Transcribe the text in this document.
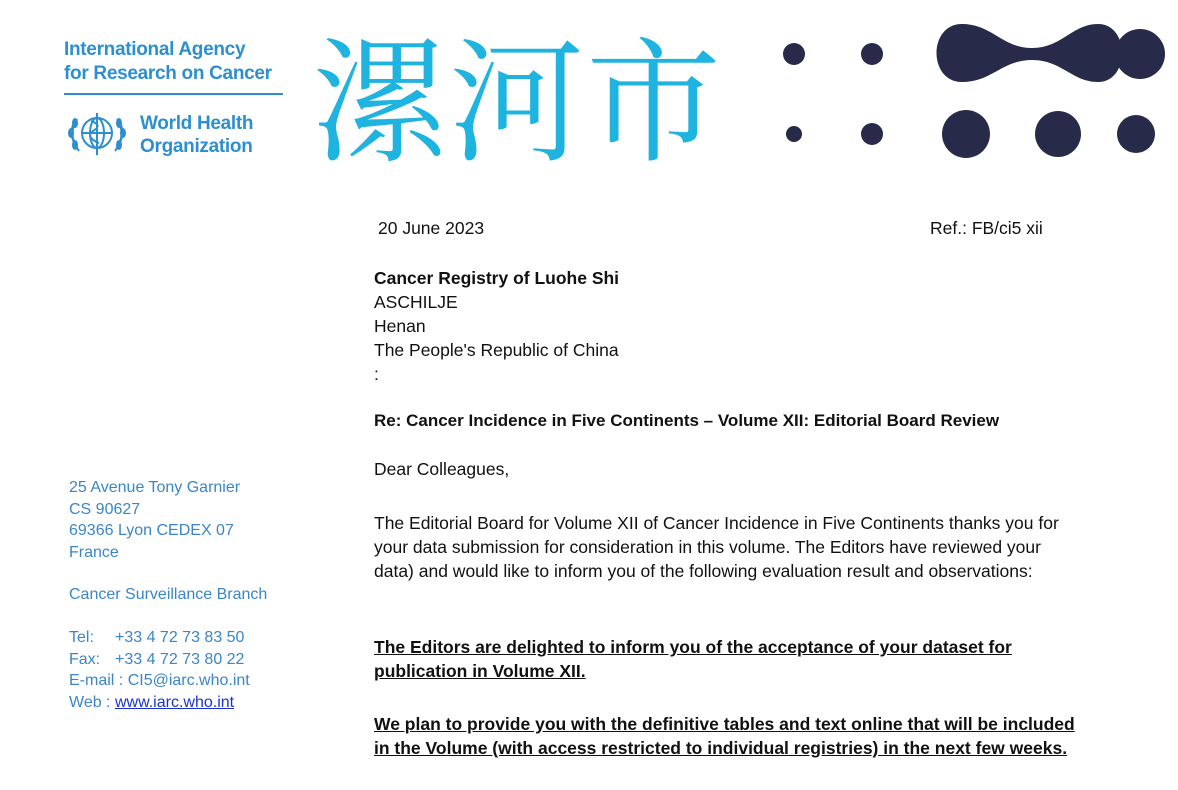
International Agency
for Research on Cancer
World Health
Organization 漯河市
25 Avenue Tony Garnier
CS 90627
69366 Lyon CEDEX 07
France
Cancer Surveillance Branch
Tel: +33 4 72 73 83 50
Fax: +33 4 72 73 80 22
E-mail : CI5@iarc.who.int
Web : www.iarc.who.int
20 June 2023	Ref.: FB/ci5 xii
Cancer Registry of Luohe Shi
ASCHILJE
Henan
The People's Republic of China
:
Re: Cancer Incidence in Five Continents – Volume XII: Editorial Board Review
Dear Colleagues,
The Editorial Board for Volume XII of Cancer Incidence in Five Continents thanks you for your data submission for consideration in this volume. The Editors have reviewed your data) and would like to inform you of the following evaluation result and observations:
The Editors are delighted to inform you of the acceptance of your dataset for publication in Volume XII.
We plan to provide you with the definitive tables and text online that will be included in the Volume (with access restricted to individual registries) in the next few weeks.
